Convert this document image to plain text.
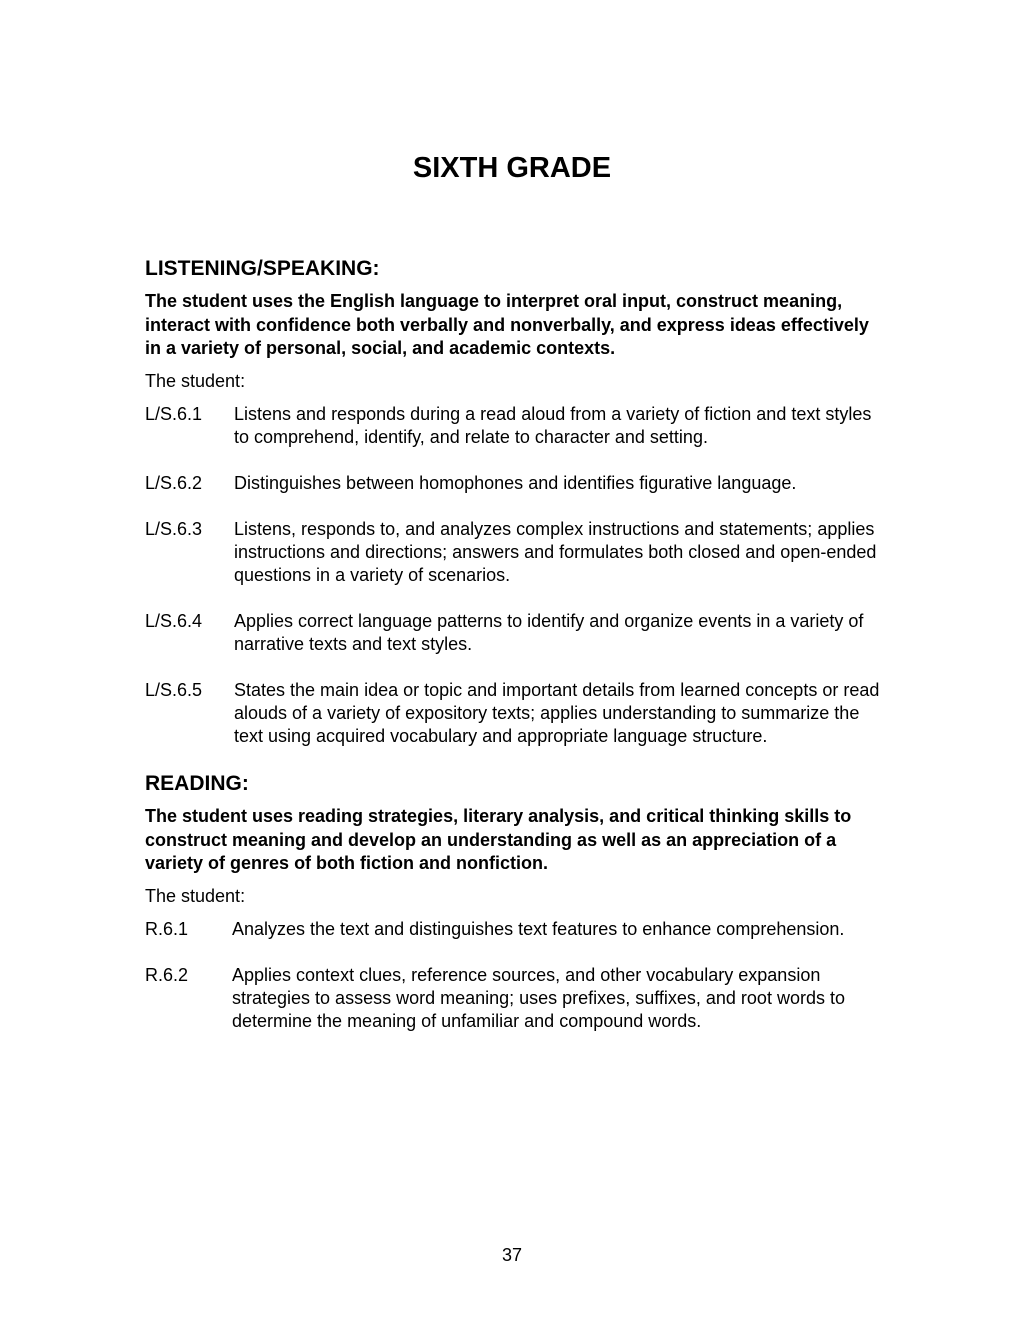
SIXTH GRADE
LISTENING/SPEAKING:

The student uses the English language to interpret oral input, construct meaning, interact with confidence both verbally and nonverbally, and express ideas effectively in a variety of personal, social, and academic contexts.

The student:

L/S.6.1	Listens and responds during a read aloud from a variety of fiction and text styles to comprehend, identify, and relate to character and setting.
L/S.6.2	Distinguishes between homophones and identifies figurative language.
L/S.6.3	Listens, responds to, and analyzes complex instructions and statements; applies instructions and directions; answers and formulates both closed and open-ended questions in a variety of scenarios.
L/S.6.4	Applies correct language patterns to identify and organize events in a variety of narrative texts and text styles.
L/S.6.5	States the main idea or topic and important details from learned concepts or read alouds of a variety of expository texts; applies understanding to summarize the text using acquired vocabulary and appropriate language structure.
READING:

The student uses reading strategies, literary analysis, and critical thinking skills to construct meaning and develop an understanding as well as an appreciation of a variety of genres of both fiction and nonfiction.

The student:

R.6.1	Analyzes the text and distinguishes text features to enhance comprehension.
R.6.2	Applies context clues, reference sources, and other vocabulary expansion strategies to assess word meaning; uses prefixes, suffixes, and root words to determine the meaning of unfamiliar and compound words.

37
